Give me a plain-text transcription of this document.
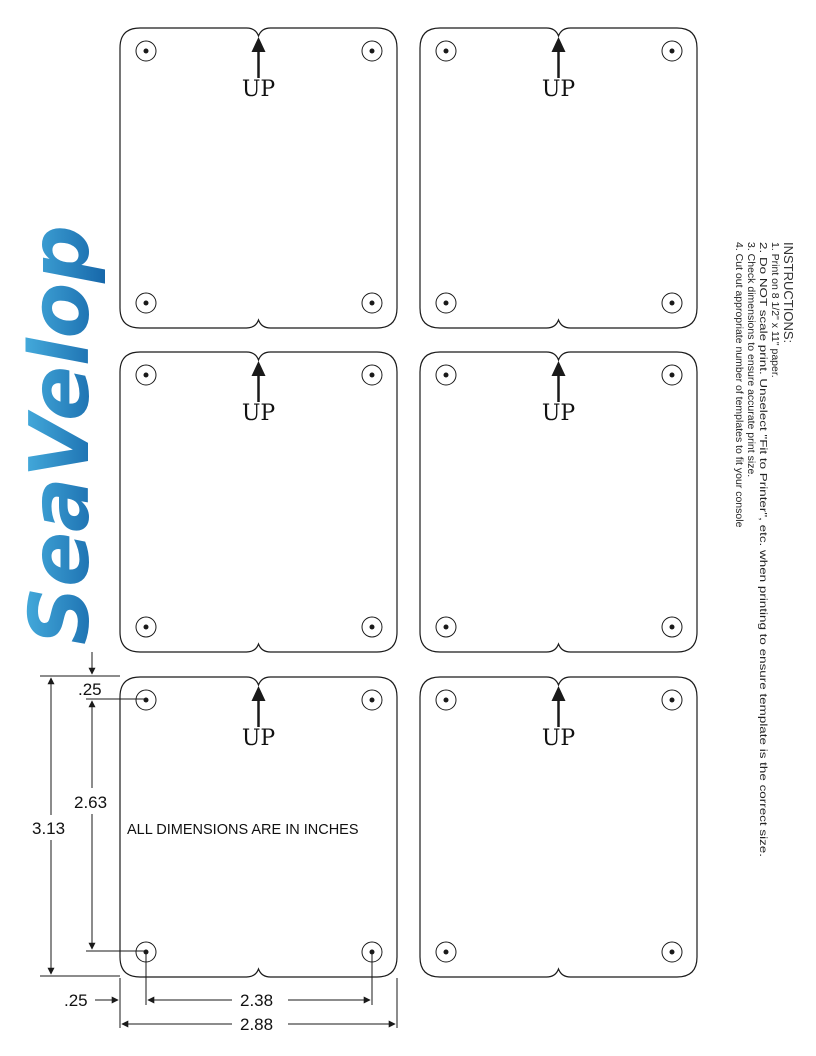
SeaVelop	INSTRUCTIONS:
1. Print on 8 1/2" x 11" paper.
2. Do NOT scale print. Unselect "Fit to Printer", etc. when printing to ensure template is the correct size.
3. Check dimensions to ensure accurate print size.
4. Cut out appropriate number of templates to fit your console
UP	UP
UP	UP
UP	UP
3.13
2.63
.25
.25	2.38
2.88
ALL DIMENSIONS ARE IN INCHES
